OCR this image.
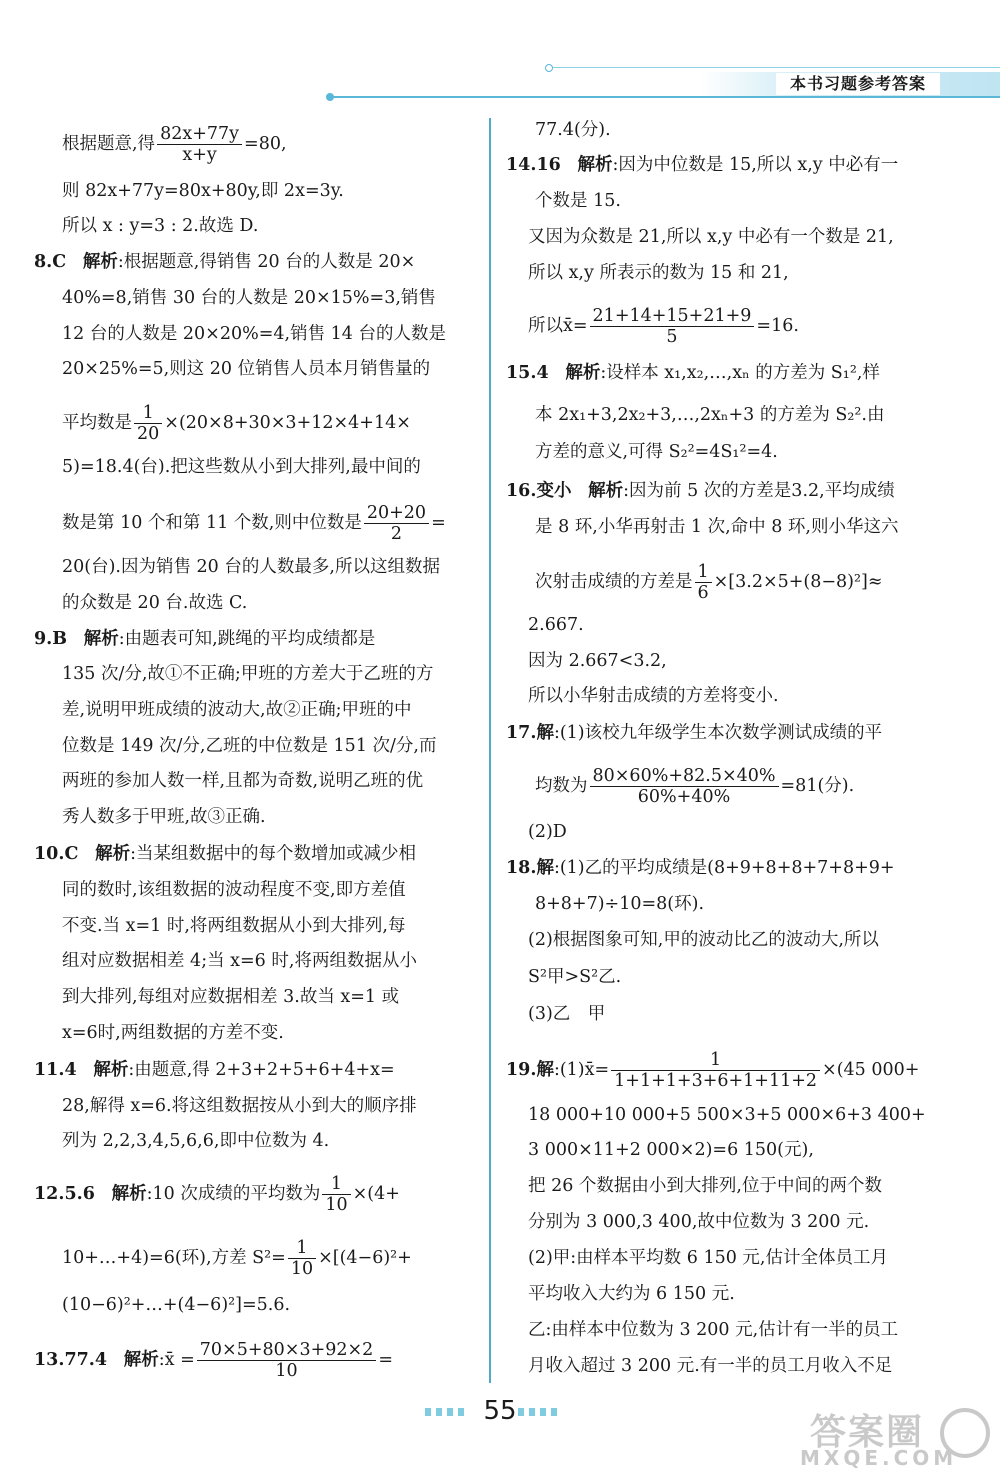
本书习题参考答案
根据题意,得 $\frac{82x+77y}{x+y} =80$,
则 82x+77y=80x+80y,即 2x=3y.
所以 x : y=3 : 2.故选 D.
8.C 解析:根据题意,得销售 20 台的人数是 20×
40%=8,销售 30 台的人数是 20×15%=3,销售
12 台的人数是 20×20%=4,销售 14 台的人数是
20×25%=5,则这 20 位销售人员本月销售量的
平均数是 $\frac{1}{20} \times(20\times 8+30\times 3+12\times 4+14\times$
5)=18.4(台).把这些数从小到大排列,最中间的
数是第 10 个和第 11 个数,则中位数是 $\frac{20+20}{2}$ =
20(台).因为销售 20 台的人数最多,所以这组数据
的众数是 20 台.故选 C.
9.B 解析:由题表可知,跳绳的平均成绩都是
135 次/分,故①不正确;甲班的方差大于乙班的方
差,说明甲班成绩的波动大,故②正确;甲班的中
位数是 149 次/分,乙班的中位数是 151 次/分,而
两班的参加人数一样,且都为奇数,说明乙班的优
秀人数多于甲班,故③正确.
10.C 解析:当某组数据中的每个数增加或减少相
同的数时,该组数据的波动程度不变,即方差值
不变.当 x=1 时,将两组数据从小到大排列,每
组对应数据相差 4;当 x=6 时,将两组数据从小
到大排列,每组对应数据相差 3.故当 x=1 或
x=6时,两组数据的方差不变.
11.4 解析:由题意,得 2+3+2+5+6+4+x=
28,解得 x=6.将这组数据按从小到大的顺序排
列为 2,2,3,4,5,6,6,即中位数为 4.
12.5.6 解析:10 次成绩的平均数为 $\frac{1}{10} \times(4+$
10+…+4)=6(环),方差 $S^2= \frac{1}{10} \times[(4-6)^2+$
(10−6)²+…+(4−6)²]=5.6.
13.77.4 解析:x̄ = $\frac{70\times 5+80\times 3+92\times 2}{10}$ =
77.4(分).
14.16 解析:因为中位数是 15,所以 x,y 中必有一
个数是 15.
又因为众数是 21,所以 x,y 中必有一个数是 21,
所以 x,y 所表示的数为 15 和 21,
所以x̄= $\frac{21+14+15+21+9}{5} =16$.
15.4 解析:设样本 x₁,x₂,…,xₙ 的方差为 S₁²,样
本 2x₁+3,2x₂+3,…,2xₙ+3 的方差为 S₂².由
方差的意义,可得 S₂²=4S₁²=4.
16.变小 解析:因为前 5 次的方差是3.2,平均成绩
是 8 环,小华再射击 1 次,命中 8 环,则小华这六
次射击成绩的方差是 $\frac{1}{6} \times[3.2\times 5+(8-8)^2]\approx$
2.667.
因为 2.667<3.2,
所以小华射击成绩的方差将变小.
17.解:(1)该校九年级学生本次数学测试成绩的平
均数为 $\frac{80\times 60\%+82.5\times 40\%}{60\%+40\%} =81$(分).
(2)D
18.解:(1)乙的平均成绩是(8+9+8+8+7+8+9+
8+8+7)÷10=8(环).
(2)根据图象可知,甲的波动比乙的波动大,所以
S²甲>S²乙.
(3)乙　甲
19.解:(1)x̄= $\frac{1}{1+1+1+3+6+1+11+2} \times(45$ 000+
18 000+10 000+5 500×3+5 000×6+3 400+
3 000×11+2 000×2)=6 150(元),
把 26 个数据由小到大排列,位于中间的两个数
分别为 3 000,3 400,故中位数为 3 200 元.
(2)甲:由样本平均数 6 150 元,估计全体员工月
平均收入大约为 6 150 元.
乙:由样本中位数为 3 200 元,估计有一半的员工
月收入超过 3 200 元.有一半的员工月收入不足
55
答案圈
MXQE.COM
